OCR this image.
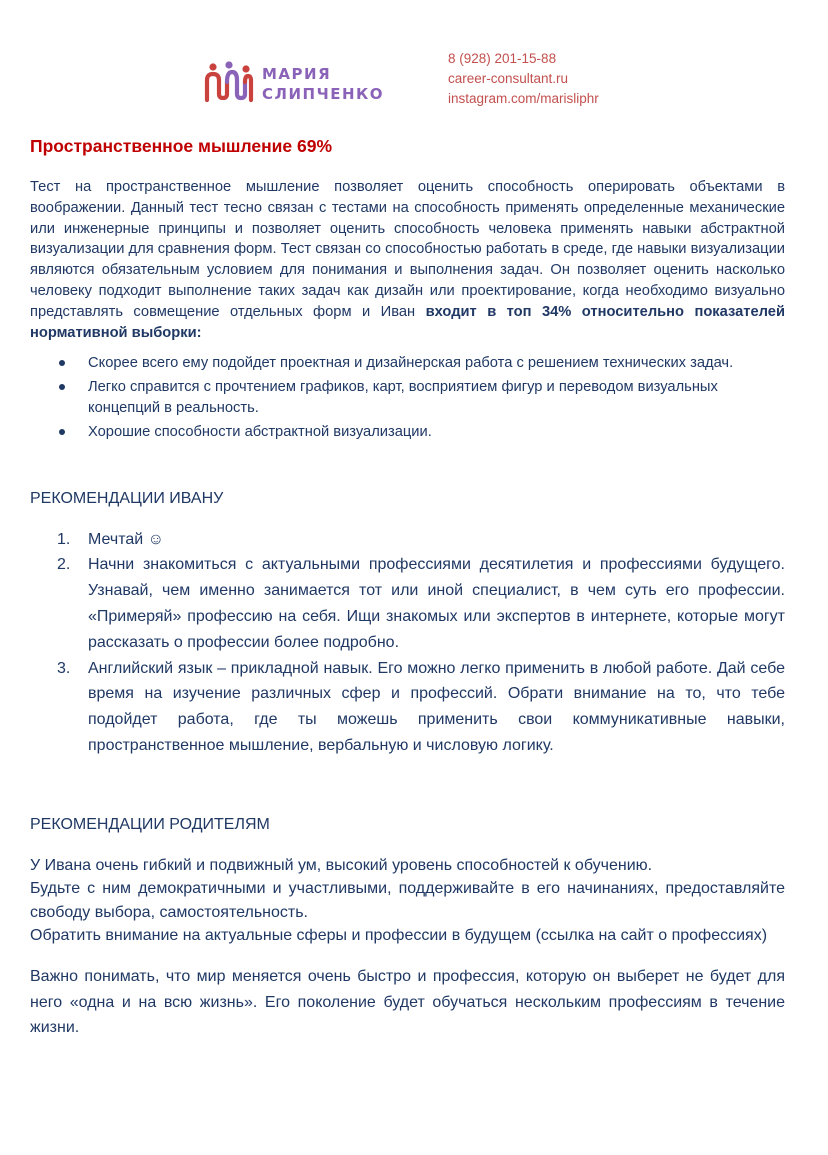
МАРИЯ
СЛИПЧЕНКО
8 (928) 201-15-88
career-consultant.ru
instagram.com/marisliphr
Пространственное мышление 69%

Тест на пространственное мышление позволяет оценить способность оперировать объектами в воображении. Данный тест тесно связан с тестами на способность применять определенные механические или инженерные принципы и позволяет оценить способность человека применять навыки абстрактной визуализации для сравнения форм. Тест связан со способностью работать в среде, где навыки визуализации являются обязательным условием для понимания и выполнения задач. Он позволяет оценить насколько человеку подходит выполнение таких задач как дизайн или проектирование, когда необходимо визуально представлять совмещение отдельных форм и Иван входит в топ 34% относительно показателей нормативной выборки:

Скорее всего ему подойдет проектная и дизайнерская работа с решением технических задач.
Легко справится с прочтением графиков, карт, восприятием фигур и переводом визуальных концепций в реальность.
Хорошие способности абстрактной визуализации.
РЕКОМЕНДАЦИИ ИВАНУ
1. Мечтай ☺
2. Начни знакомиться с актуальными профессиями десятилетия и профессиями будущего. Узнавай, чем именно занимается тот или иной специалист, в чем суть его профессии. «Примеряй» профессию на себя. Ищи знакомых или экспертов в интернете, которые могут рассказать о профессии более подробно.
3. Английский язык – прикладной навык. Его можно легко применить в любой работе. Дай себе время на изучение различных сфер и профессий. Обрати внимание на то, что тебе подойдет работа, где ты можешь применить свои коммуникативные навыки, пространственное мышление, вербальную и числовую логику.
РЕКОМЕНДАЦИИ РОДИТЕЛЯМ

У Ивана очень гибкий и подвижный ум, высокий уровень способностей к обучению.
Будьте с ним демократичными и участливыми, поддерживайте в его начинаниях, предоставляйте свободу выбора, самостоятельность.
Обратить внимание на актуальные сферы и профессии в будущем (ссылка на сайт о профессиях)

Важно понимать, что мир меняется очень быстро и профессия, которую он выберет не будет для него «одна и на всю жизнь». Его поколение будет обучаться нескольким профессиям в течение жизни.
